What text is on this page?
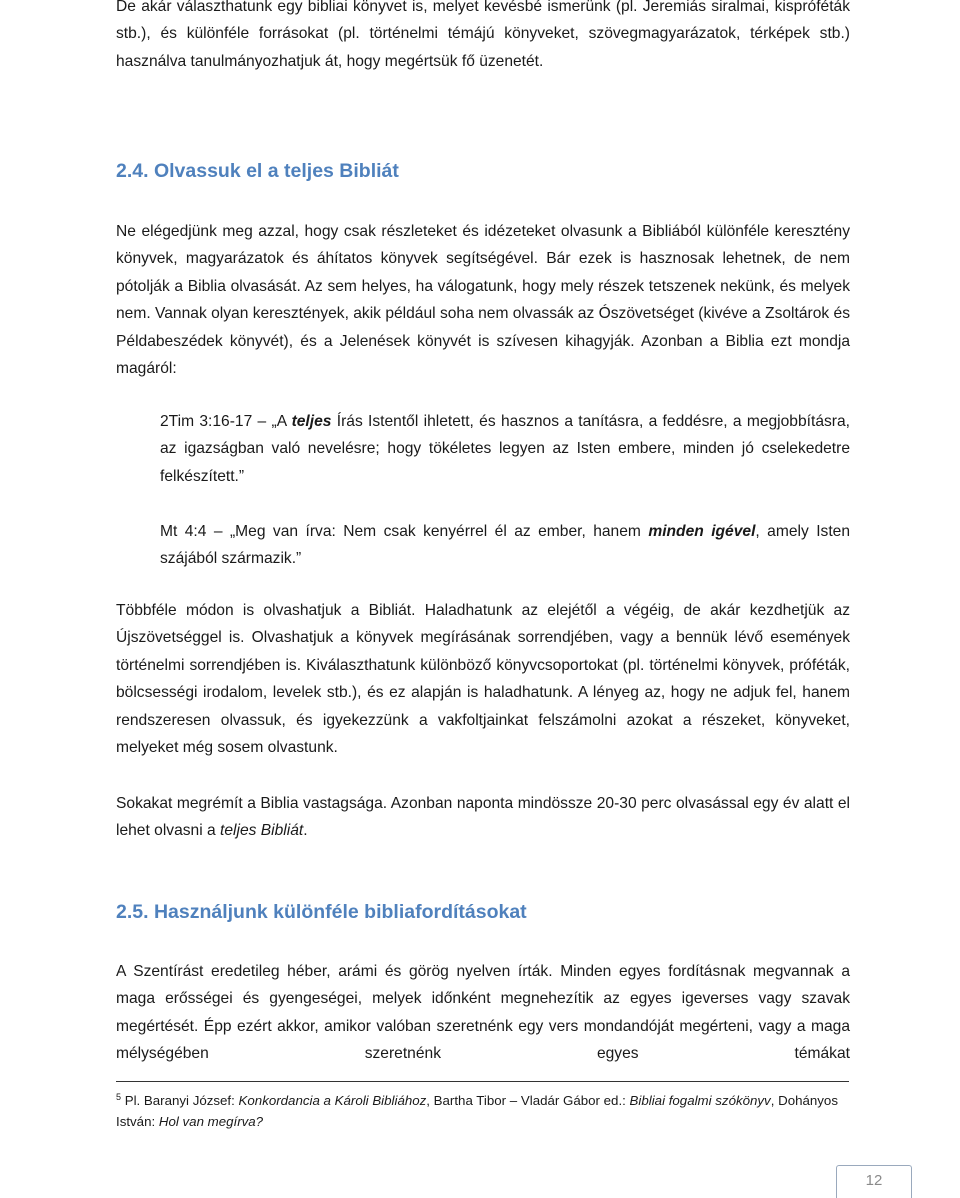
De akár választhatunk egy bibliai könyvet is, melyet kevésbé ismerünk (pl. Jeremiás siralmai, kispróféták stb.), és különféle forrásokat (pl. történelmi témájú könyveket, szövegmagyarázatok, térképek stb.) használva tanulmányozhatjuk át, hogy megértsük fő üzenetét.
2.4. Olvassuk el a teljes Bibliát
Ne elégedjünk meg azzal, hogy csak részleteket és idézeteket olvasunk a Bibliából különféle keresztény könyvek, magyarázatok és áhítatos könyvek segítségével. Bár ezek is hasznosak lehetnek, de nem pótolják a Biblia olvasását. Az sem helyes, ha válogatunk, hogy mely részek tetszenek nekünk, és melyek nem. Vannak olyan keresztények, akik például soha nem olvassák az Ószövetséget (kivéve a Zsoltárok és Példabeszédek könyvét), és a Jelenések könyvét is szívesen kihagyják. Azonban a Biblia ezt mondja magáról:
2Tim 3:16-17 – „A teljes Írás Istentől ihletett, és hasznos a tanításra, a feddésre, a megjobbításra, az igazságban való nevelésre; hogy tökéletes legyen az Isten embere, minden jó cselekedetre felkészített.”
Mt 4:4 – „Meg van írva: Nem csak kenyérrel él az ember, hanem minden igével, amely Isten szájából származik.”
Többféle módon is olvashatjuk a Bibliát. Haladhatunk az elejétől a végéig, de akár kezdhetjük az Újszövetséggel is. Olvashatjuk a könyvek megírásának sorrendjében, vagy a bennük lévő események történelmi sorrendjében is. Kiválaszthatunk különböző könyvcsoportokat (pl. történelmi könyvek, próféták, bölcsességi irodalom, levelek stb.), és ez alapján is haladhatunk. A lényeg az, hogy ne adjuk fel, hanem rendszeresen olvassuk, és igyekezzünk a vakfoltjainkat felszámolni azokat a részeket, könyveket, melyeket még sosem olvastunk.
Sokakat megrémít a Biblia vastagsága. Azonban naponta mindössze 20-30 perc olvasással egy év alatt el lehet olvasni a teljes Bibliát.
2.5. Használjunk különféle bibliafordításokat
A Szentírást eredetileg héber, arámi és görög nyelven írták. Minden egyes fordításnak megvannak a maga erősségei és gyengeségei, melyek időnként megnehezítik az egyes igeverses vagy szavak megértését. Épp ezért akkor, amikor valóban szeretnénk egy vers mondandóját megérteni, vagy a maga mélységében szeretnénk egyes témákat
$^5$ Pl. Baranyi József: Konkordancia a Károli Bibliához, Bartha Tibor – Vladár Gábor ed.: Bibliai fogalmi szókönyv, Dohányos István: Hol van megírva?
12
